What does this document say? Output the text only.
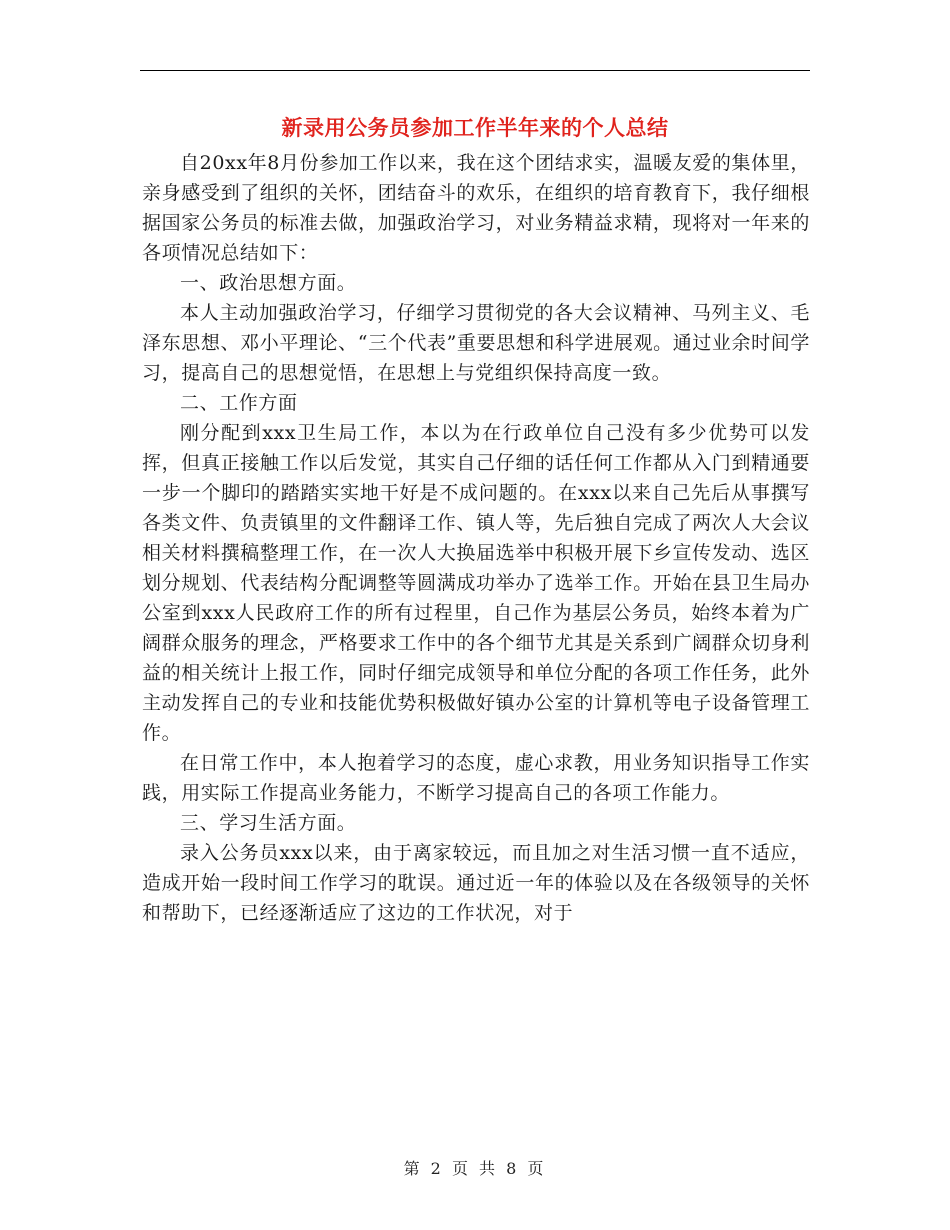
新录用公务员参加工作半年来的个人总结

自20xx年8月份参加工作以来，我在这个团结求实，温暖友爱的集体里，亲身感受到了组织的关怀，团结奋斗的欢乐，在组织的培育教育下，我仔细根据国家公务员的标准去做，加强政治学习，对业务精益求精，现将对一年来的各项情况总结如下：

一、政治思想方面。

本人主动加强政治学习，仔细学习贯彻党的各大会议精神、马列主义、毛泽东思想、邓小平理论、“三个代表”重要思想和科学进展观。通过业余时间学习，提高自己的思想觉悟，在思想上与党组织保持高度一致。

二、工作方面

刚分配到xxx卫生局工作，本以为在行政单位自己没有多少优势可以发挥，但真正接触工作以后发觉，其实自己仔细的话任何工作都从入门到精通要一步一个脚印的踏踏实实地干好是不成问题的。在xxx以来自己先后从事撰写各类文件、负责镇里的文件翻译工作、镇人等，先后独自完成了两次人大会议相关材料撰稿整理工作，在一次人大换届选举中积极开展下乡宣传发动、选区划分规划、代表结构分配调整等圆满成功举办了选举工作。开始在县卫生局办公室到xxx人民政府工作的所有过程里，自己作为基层公务员，始终本着为广阔群众服务的理念，严格要求工作中的各个细节尤其是关系到广阔群众切身利益的相关统计上报工作，同时仔细完成领导和单位分配的各项工作任务，此外主动发挥自己的专业和技能优势积极做好镇办公室的计算机等电子设备管理工作。

在日常工作中，本人抱着学习的态度，虚心求教，用业务知识指导工作实践，用实际工作提高业务能力，不断学习提高自己的各项工作能力。

三、学习生活方面。

录入公务员xxx以来，由于离家较远，而且加之对生活习惯一直不适应，造成开始一段时间工作学习的耽误。通过近一年的体验以及在各级领导的关怀和帮助下，已经逐渐适应了这边的工作状况，对于

第 2 页 共 8 页
